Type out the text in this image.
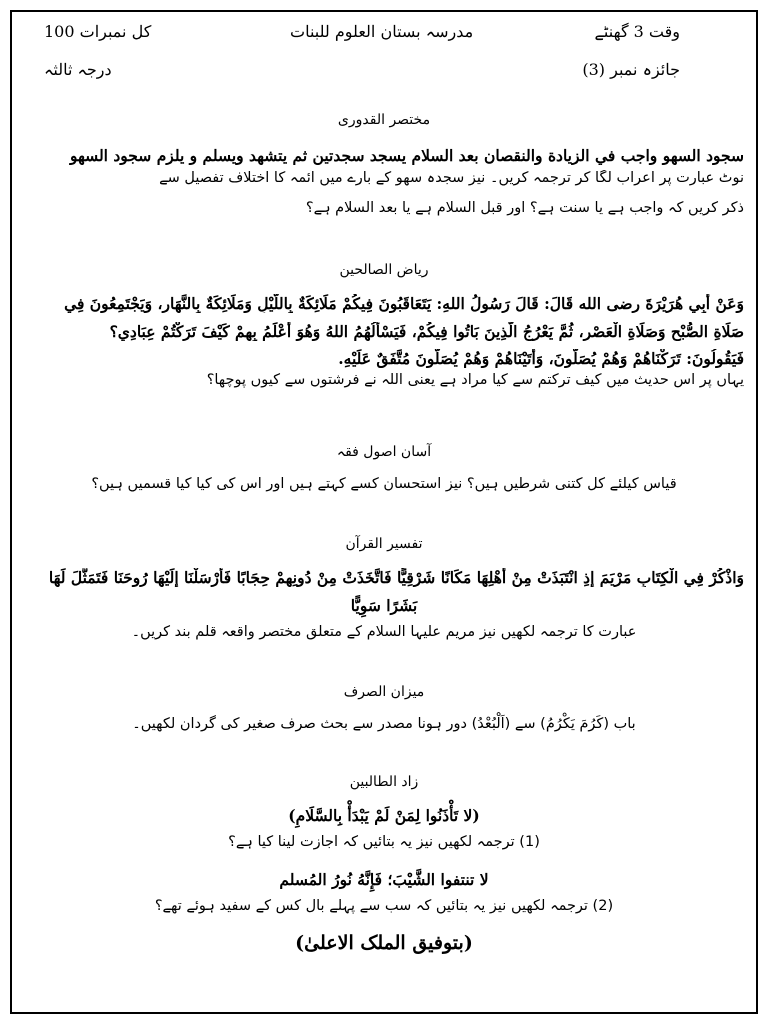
وقت 3 گھنٹے
مدرسہ بستان العلوم للبنات
کل نمبرات 100
جائزہ نمبر (3)
درجہ ثالثہ
مختصر القدوری
سجود السهو واجب في الزيادة والنقصان بعد السلام يسجد سجدتين ثم يتشهد ويسلم و يلزم سجود السهو
نوٹ عبارت پر اعراب لگا کر ترجمہ کریں۔ نیز سجدہ سھو کے بارے میں آئمہ کا اختلاف تفصیل سے
ذکر کریں کہ واجب ہے یا سنت ہے؟ اور قبل السلام ہے یا بعد السلام ہے؟
ریاض الصالحین
وَعَنْ أَبِي هُرَيْرَةَ رضی الله قَالَ: قَالَ رَسُولُ اللهِ: يَتَعَاقَبُونَ فِيكُمْ مَلَائِكَةٌ بِاللَّيْلِ وَمَلَائِكَةٌ بِالنَّهَارِ، وَيَجْتَمِعُونَ فِي
صَلَاةِ الصُّبْحِ وَصَلَاةِ الْعَصْرِ، ثُمَّ يَعْرُجُ الَّذِينَ بَاتُوا فِيكُمْ، فَيَسْأَلُهُمُ اللهُ وَهُوَ أَعْلَمُ بِهِمْ كَيْفَ تَرَكْتُمْ عِبَادِي؟
فَيَقُولُونَ: تَرَكْنَاهُمْ وَهُمْ يُصَلُّونَ، وَأَتَيْنَاهُمْ وَهُمْ يُصَلُّونَ مُتَّفَقٌ عَلَيْهِ.
یہاں پر اس حدیث میں کیف ترکتم سے کیا مراد ہے یعنی اللہ نے فرشتوں سے کیوں پوچھا؟
آسان اصول فقہ
قیاس کیلئے کل کتنی شرطیں ہیں؟ نیز استحسان کسے کہتے ہیں اور اس کی کیا کیا قسمیں ہیں؟
تفسیر القرآن
وَاذْكُرْ فِي الْكِتَابِ مَرْيَمَ إِذِ انْتَبَذَتْ مِنْ أَهْلِهَا مَكَانًا شَرْقِيًّا فَاتَّخَذَتْ مِنْ دُونِهِمْ حِجَابًا فَأَرْسَلْنَا إِلَيْهَا رُوحَنَا فَتَمَثَّلَ لَهَا
بَشَرًا سَوِيًّا
عبارت کا ترجمہ لکھیں نیز مریم علیہا السلام کے متعلق مختصر واقعہ قلم بند کریں۔
میزان الصرف
باب (کَرُمَ يَكْرُمُ) سے (اَلْبُعْدُ) دور ہونا مصدر سے بحث صرف صغیر کی گردان لکھیں۔
زاد الطالبین
(لا تَأْذَنُوا لِمَنْ لَمْ يَبْدَأْ بِالسَّلَامِ)
(1) ترجمہ لکھیں نیز یہ بتائیں کہ اجازت لینا کیا ہے؟
لا تنتفوا الشَّيْبَ؛ فَإِنَّهُ نُورُ المُسلم
(2) ترجمہ لکھیں نیز یہ بتائیں کہ سب سے پہلے بال کس کے سفید ہوئے تھے؟
(بتوفیق الملک الاعلیٰ)
